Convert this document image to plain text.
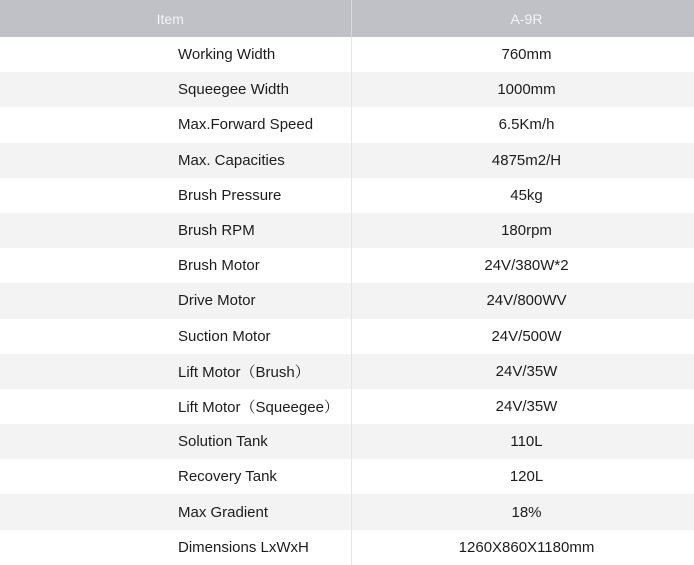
Item	A-9R
Working Width	760mm
Squeegee Width	1000mm
Max.Forward Speed	6.5Km/h
Max. Capacities	4875m2/H
Brush Pressure	45kg
Brush RPM	180rpm
Brush Motor	24V/380W*2
Drive Motor	24V/800WV
Suction Motor	24V/500W
Lift Motor（Brush）	24V/35W
Lift Motor（Squeegee）	24V/35W
Solution Tank	110L
Recovery Tank	120L
Max Gradient	18%
Dimensions LxWxH	1260X860X1180mm
